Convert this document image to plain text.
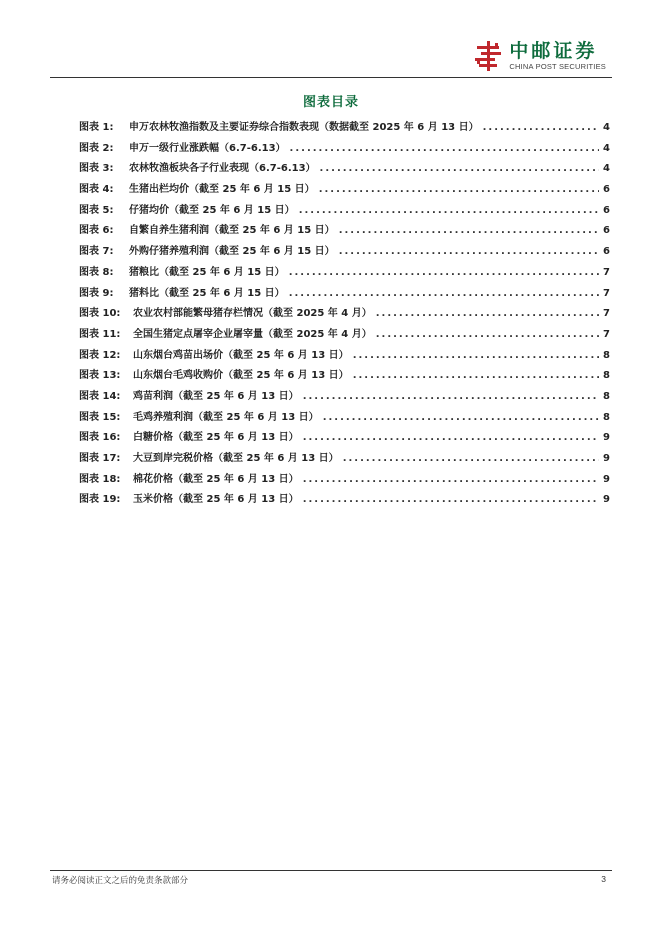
中邮证券
CHINA POST SECURITIES
图表目录
图表 1:	申万农林牧渔指数及主要证券综合指数表现（数据截至 2025 年 6 月 13 日） .....	4
图表 2:	申万一级行业涨跌幅（6.7-6.13） .....	4
图表 3:	农林牧渔板块各子行业表现（6.7-6.13） .....	4
图表 4:	生猪出栏均价（截至 25 年 6 月 15 日） .....	6
图表 5:	仔猪均价（截至 25 年 6 月 15 日） .....	6
图表 6:	自繁自养生猪利润（截至 25 年 6 月 15 日） .....	6
图表 7:	外购仔猪养殖利润（截至 25 年 6 月 15 日） .....	6
图表 8:	猪粮比（截至 25 年 6 月 15 日） .....	7
图表 9:	猪料比（截至 25 年 6 月 15 日） .....	7
图表 10:	农业农村部能繁母猪存栏情况（截至 2025 年 4 月） .....	7
图表 11:	全国生猪定点屠宰企业屠宰量（截至 2025 年 4 月） .....	7
图表 12:	山东烟台鸡苗出场价（截至 25 年 6 月 13 日） .....	8
图表 13:	山东烟台毛鸡收购价（截至 25 年 6 月 13 日） .....	8
图表 14:	鸡苗利润（截至 25 年 6 月 13 日） .....	8
图表 15:	毛鸡养殖利润（截至 25 年 6 月 13 日） .....	8
图表 16:	白糖价格（截至 25 年 6 月 13 日） .....	9
图表 17:	大豆到岸完税价格（截至 25 年 6 月 13 日） .....	9
图表 18:	棉花价格（截至 25 年 6 月 13 日） .....	9
图表 19:	玉米价格（截至 25 年 6 月 13 日） .....	9
请务必阅读正文之后的免责条款部分	3
